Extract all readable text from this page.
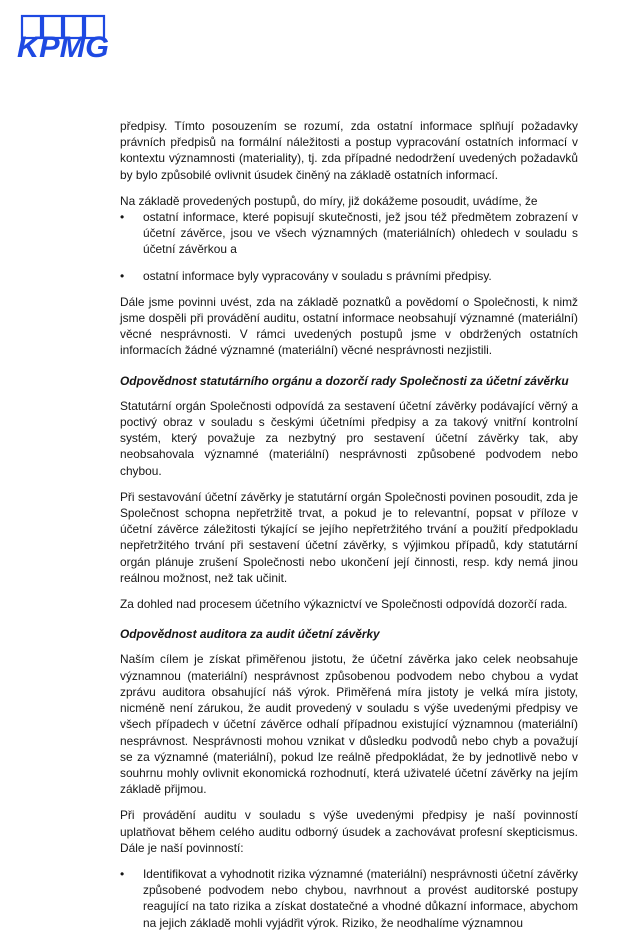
KPMG

předpisy. Tímto posouzením se rozumí, zda ostatní informace splňují požadavky právních předpisů na formální náležitosti a postup vypracování ostatních informací v kontextu významnosti (materiality), tj. zda případné nedodržení uvedených požadavků by bylo způsobilé ovlivnit úsudek činěný na základě ostatních informací.

Na základě provedených postupů, do míry, již dokážeme posoudit, uvádíme, že

• ostatní informace, které popisují skutečnosti, jež jsou též předmětem zobrazení v účetní závěrce, jsou ve všech významných (materiálních) ohledech v souladu s účetní závěrkou a
• ostatní informace byly vypracovány v souladu s právními předpisy.

Dále jsme povinni uvést, zda na základě poznatků a povědomí o Společnosti, k nimž jsme dospěli při provádění auditu, ostatní informace neobsahují významné (materiální) věcné nesprávnosti. V rámci uvedených postupů jsme v obdržených ostatních informacích žádné významné (materiální) věcné nesprávnosti nezjistili.

Odpovědnost statutárního orgánu a dozorčí rady Společnosti za účetní závěrku

Statutární orgán Společnosti odpovídá za sestavení účetní závěrky podávající věrný a poctivý obraz v souladu s českými účetními předpisy a za takový vnitřní kontrolní systém, který považuje za nezbytný pro sestavení účetní závěrky tak, aby neobsahovala významné (materiální) nesprávnosti způsobené podvodem nebo chybou.

Při sestavování účetní závěrky je statutární orgán Společnosti povinen posoudit, zda je Společnost schopna nepřetržitě trvat, a pokud je to relevantní, popsat v příloze v účetní závěrce záležitosti týkající se jejího nepřetržitého trvání a použití předpokladu nepřetržitého trvání při sestavení účetní závěrky, s výjimkou případů, kdy statutární orgán plánuje zrušení Společnosti nebo ukončení její činnosti, resp. kdy nemá jinou reálnou možnost, než tak učinit.

Za dohled nad procesem účetního výkaznictví ve Společnosti odpovídá dozorčí rada.

Odpovědnost auditora za audit účetní závěrky

Naším cílem je získat přiměřenou jistotu, že účetní závěrka jako celek neobsahuje významnou (materiální) nesprávnost způsobenou podvodem nebo chybou a vydat zprávu auditora obsahující náš výrok. Přiměřená míra jistoty je velká míra jistoty, nicméně není zárukou, že audit provedený v souladu s výše uvedenými předpisy ve všech případech v účetní závěrce odhalí případnou existující významnou (materiální) nesprávnost. Nesprávnosti mohou vznikat v důsledku podvodů nebo chyb a považují se za významné (materiální), pokud lze reálně předpokládat, že by jednotlivě nebo v souhrnu mohly ovlivnit ekonomická rozhodnutí, která uživatelé účetní závěrky na jejím základě přijmou.

Při provádění auditu v souladu s výše uvedenými předpisy je naší povinností uplatňovat během celého auditu odborný úsudek a zachovávat profesní skepticismus. Dále je naší povinností:

• Identifikovat a vyhodnotit rizika významné (materiální) nesprávnosti účetní závěrky způsobené podvodem nebo chybou, navrhnout a provést auditorské postupy reagující na tato rizika a získat dostatečné a vhodné důkazní informace, abychom na jejich základě mohli vyjádřit výrok. Riziko, že neodhalíme významnou
